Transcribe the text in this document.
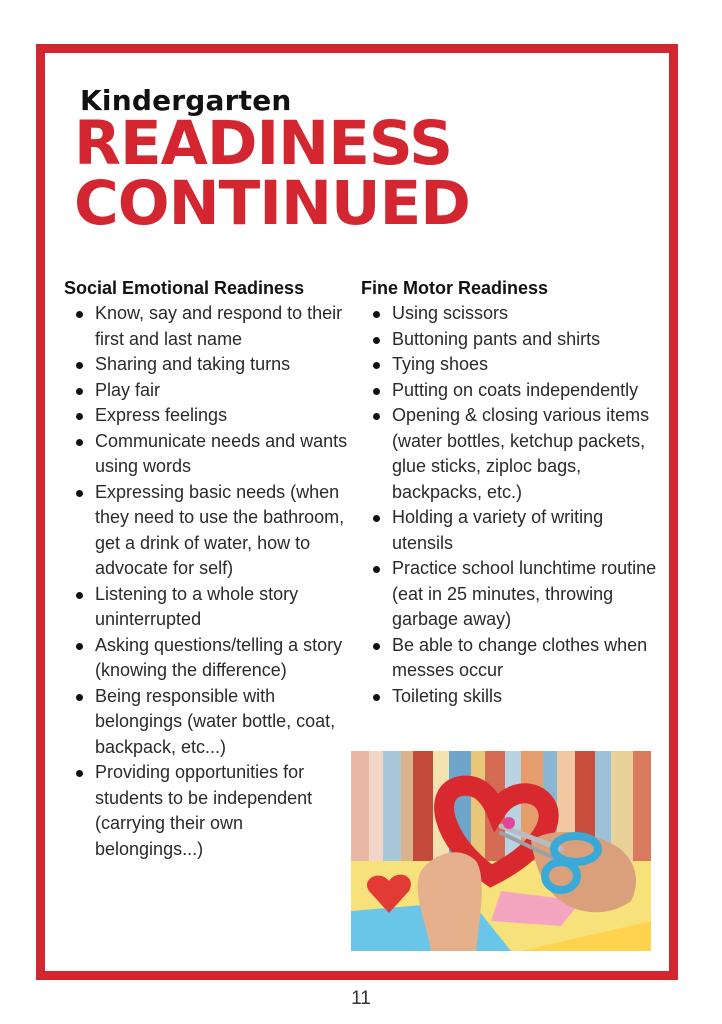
Kindergarten
READINESS
CONTINUED
Social Emotional Readiness
Know, say and respond to their first and last name
Sharing and taking turns
Play fair
Express feelings
Communicate needs and wants using words
Expressing basic needs (when they need to use the bathroom, get a drink of water, how to advocate for self)
Listening to a whole story uninterrupted
Asking questions/telling a story (knowing the difference)
Being responsible with belongings (water bottle, coat, backpack, etc...)
Providing opportunities for students to be independent (carrying their own belongings...)
Fine Motor Readiness
Using scissors
Buttoning pants and shirts
Tying shoes
Putting on coats independently
Opening & closing various items (water bottles, ketchup packets, glue sticks, ziploc bags, backpacks, etc.)
Holding a variety of writing utensils
Practice school lunchtime routine (eat in 25 minutes, throwing garbage away)
Be able to change clothes when messes occur
Toileting skills
11
